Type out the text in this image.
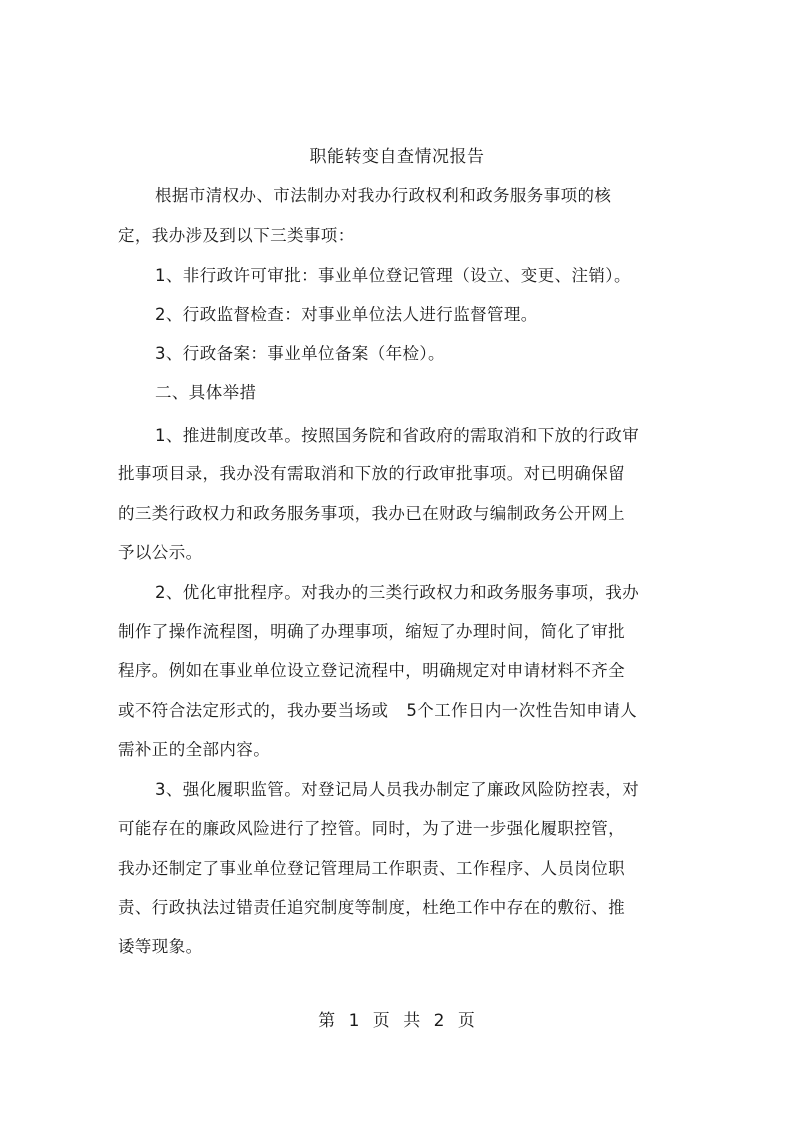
职能转变自查情况报告

根据市清权办、市法制办对我办行政权利和政务服务事项的核

定，我办涉及到以下三类事项：

1、非行政许可审批：事业单位登记管理（设立、变更、注销）。

2、行政监督检查：对事业单位法人进行监督管理。

3、行政备案：事业单位备案（年检）。

二、具体举措

1、推进制度改革。按照国务院和省政府的需取消和下放的行政审

批事项目录，我办没有需取消和下放的行政审批事项。对已明确保留

的三类行政权力和政务服务事项，我办已在财政与编制政务公开网上

予以公示。

2、优化审批程序。对我办的三类行政权力和政务服务事项，我办

制作了操作流程图，明确了办理事项，缩短了办理时间，简化了审批

程序。例如在事业单位设立登记流程中，明确规定对申请材料不齐全

或不符合法定形式的，我办要当场或 5个工作日内一次性告知申请人

需补正的全部内容。

3、强化履职监管。对登记局人员我办制定了廉政风险防控表，对

可能存在的廉政风险进行了控管。同时，为了进一步强化履职控管，

我办还制定了事业单位登记管理局工作职责、工作程序、人员岗位职

责、行政执法过错责任追究制度等制度，杜绝工作中存在的敷衍、推

诿等现象。

第 1 页 共 2 页
